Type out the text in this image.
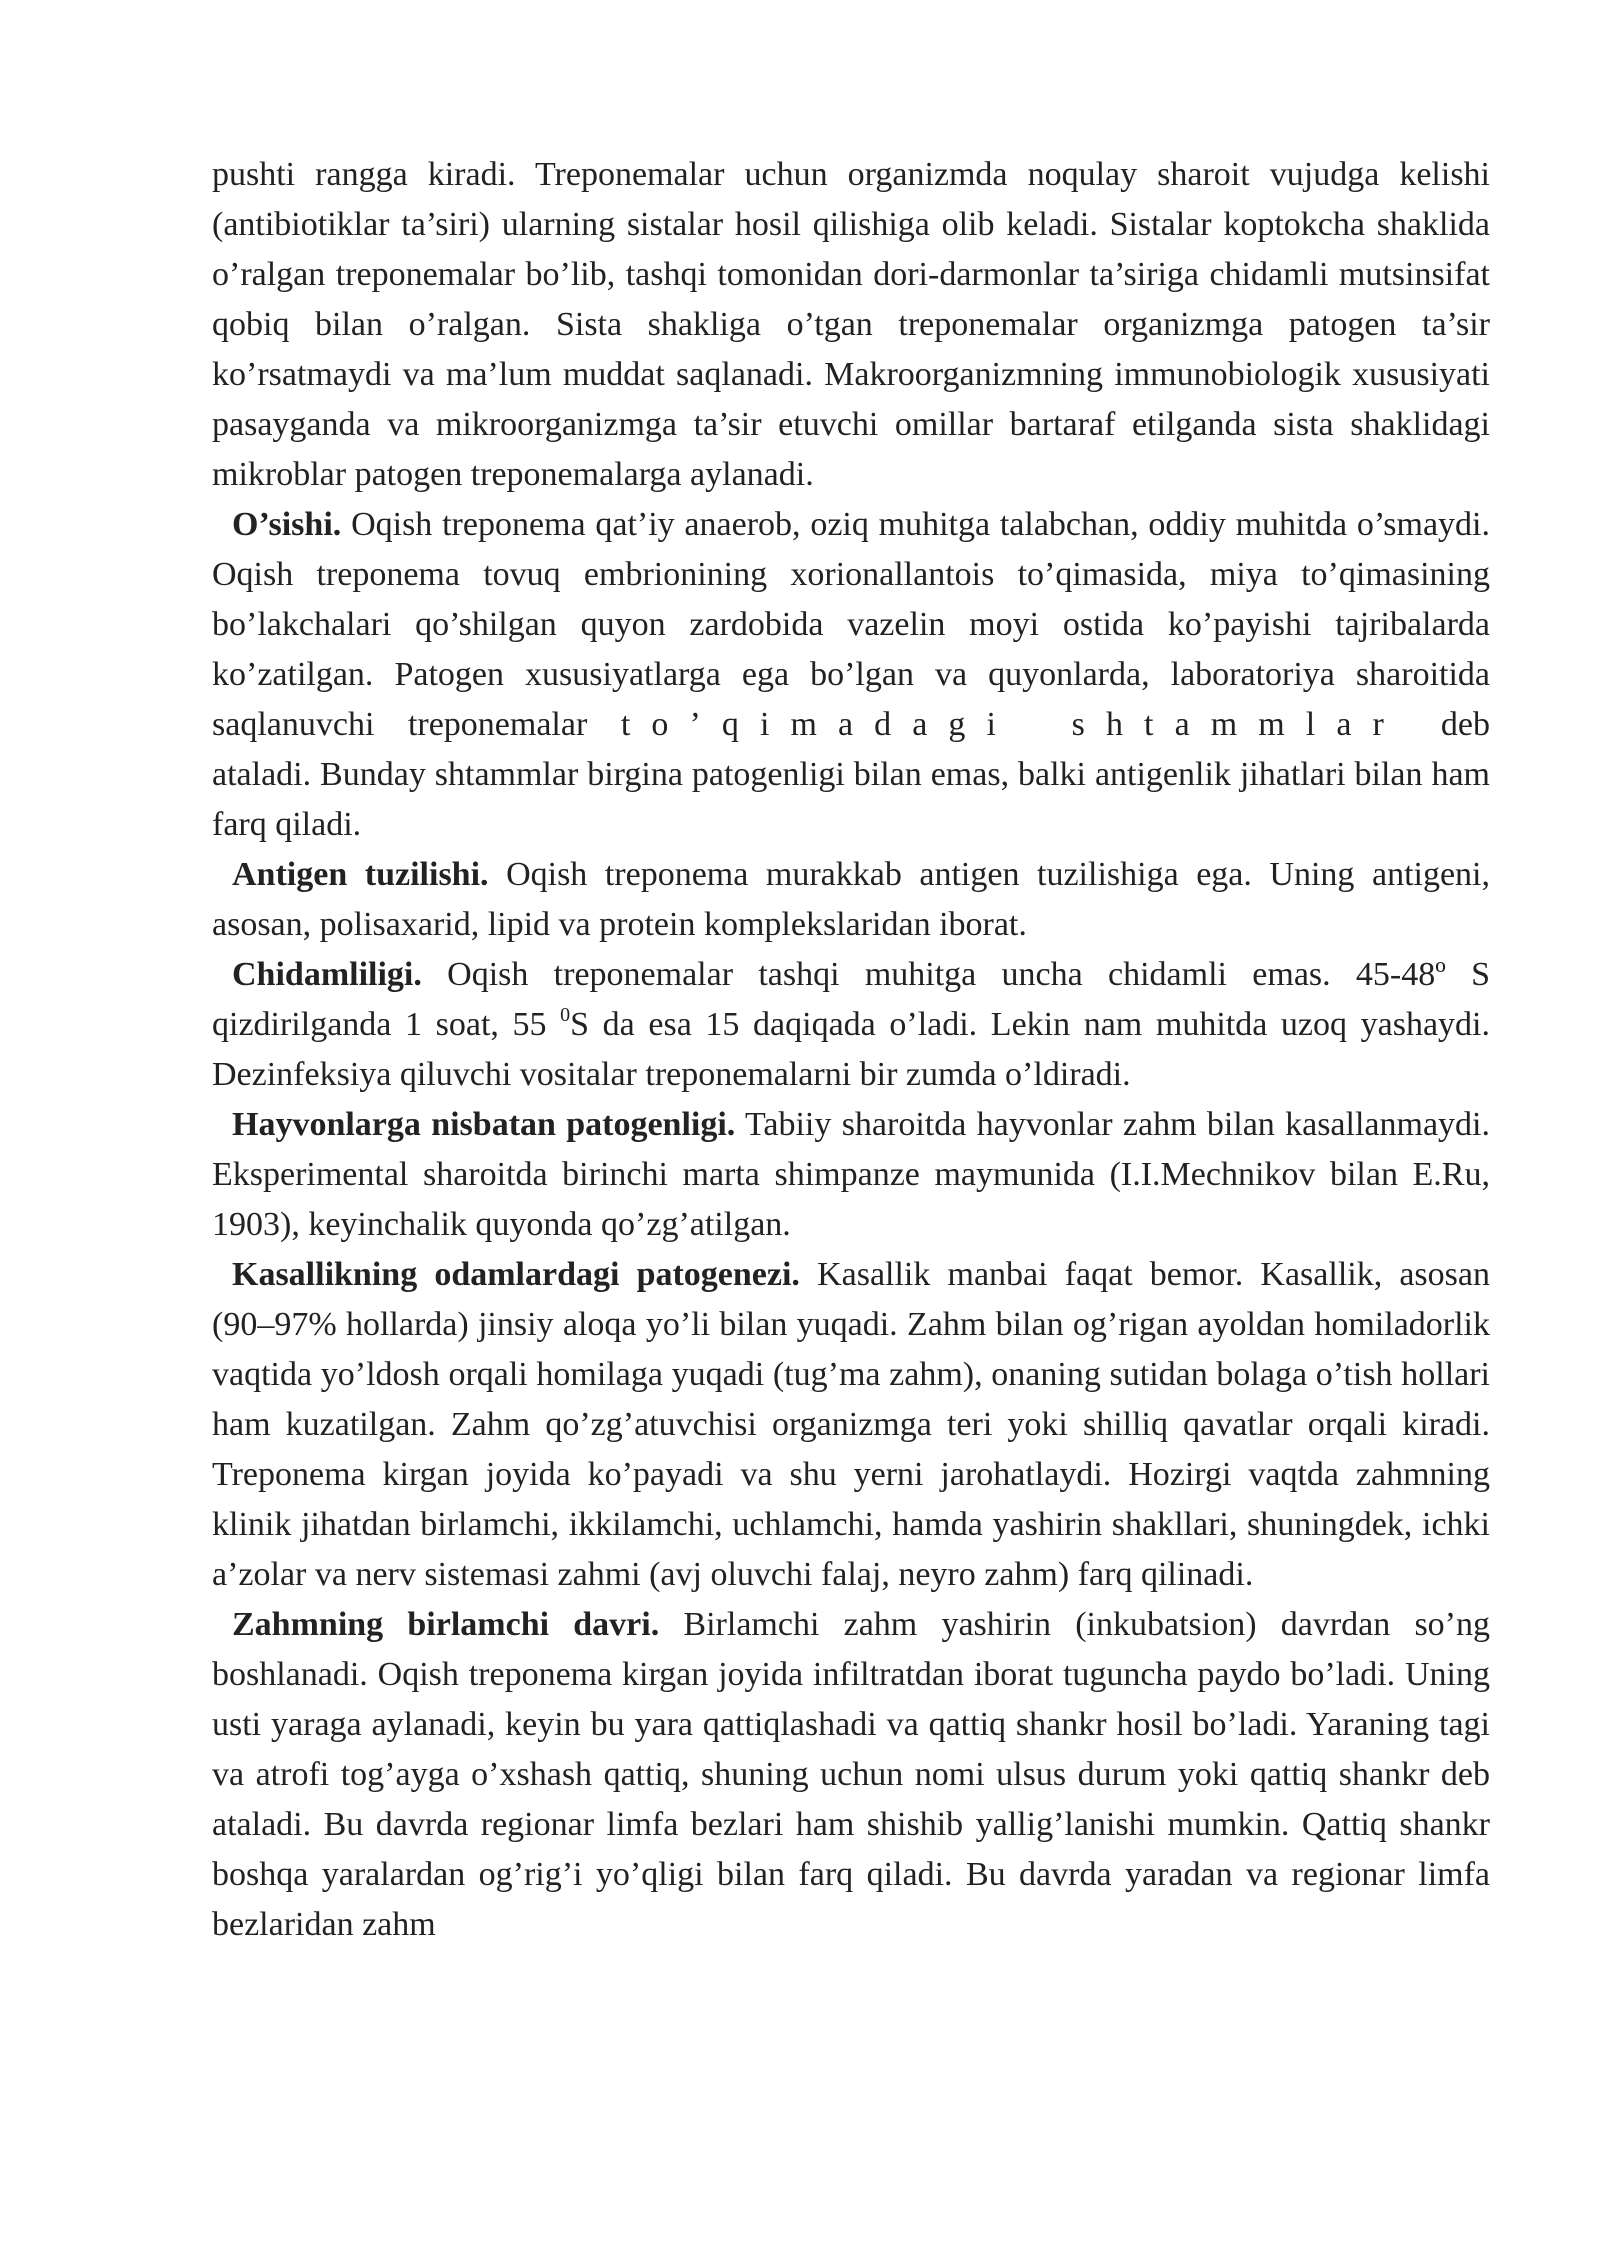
pushti rangga kiradi. Treponemalar uchun organizmda noqulay sharoit vujudga kelishi (antibiotiklar ta’siri) ularning sistalar hosil qilishiga olib keladi. Sistalar koptokcha shaklida o’ralgan treponemalar bo’lib, tashqi tomonidan dori-darmonlar ta’siriga chidamli mutsinsifat qobiq bilan o’ralgan. Sista shakliga o’tgan treponemalar organizmga patogen ta’sir ko’rsatmaydi va ma’lum muddat saqlanadi. Makroorganizmning immunobiologik xususiyati pasayganda va mikroorganizmga ta’sir etuvchi omillar bartaraf etilganda sista shaklidagi mikroblar patogen treponemalarga aylanadi.

O’sishi. Oqish treponema qat’iy anaerob, oziq muhitga talabchan, oddiy muhitda o’smaydi. Oqish treponema tovuq embrionining xorionallantois to’qimasida, miya to’qimasining bo’lakchalari qo’shilgan quyon zardobida vazelin moyi ostida ko’payishi tajribalarda ko’zatilgan. Patogen xususiyatlarga ega bo’lgan va quyonlarda, laboratoriya sharoitida saqlanuvchi treponemalar to’qimadagi shtammlar deb ataladi. Bunday shtammlar birgina patogenligi bilan emas, balki antigenlik jihatlari bilan ham farq qiladi.

Antigen tuzilishi. Oqish treponema murakkab antigen tuzilishiga ega. Uning antigeni, asosan, polisaxarid, lipid va protein komplekslaridan iborat.

Chidamliligi. Oqish treponemalar tashqi muhitga uncha chidamli emas. 45-48º S qizdirilganda 1 soat, 55 $^0$S da esa 15 daqiqada o’ladi. Lekin nam muhitda uzoq yashaydi. Dezinfeksiya qiluvchi vositalar treponemalarni bir zumda o’ldiradi.

Hayvonlarga nisbatan patogenligi. Tabiiy sharoitda hayvonlar zahm bilan kasallanmaydi. Eksperimental sharoitda birinchi marta shimpanze maymunida (I.I.Mechnikov bilan E.Ru, 1903), keyinchalik quyonda qo’zg’atilgan.

Kasallikning odamlardagi patogenezi. Kasallik manbai faqat bemor. Kasallik, asosan (90–97% hollarda) jinsiy aloqa yo’li bilan yuqadi. Zahm bilan og’rigan ayoldan homiladorlik vaqtida yo’ldosh orqali homilaga yuqadi (tug’ma zahm), onaning sutidan bolaga o’tish hollari ham kuzatilgan. Zahm qo’zg’atuvchisi organizmga teri yoki shilliq qavatlar orqali kiradi. Treponema kirgan joyida ko’payadi va shu yerni jarohatlaydi. Hozirgi vaqtda zahmning klinik jihatdan birlamchi, ikkilamchi, uchlamchi, hamda yashirin shakllari, shuningdek, ichki a’zolar va nerv sistemasi zahmi (avj oluvchi falaj, neyro zahm) farq qilinadi.

Zahmning birlamchi davri. Birlamchi zahm yashirin (inkubatsion) davrdan so’ng boshlanadi. Oqish treponema kirgan joyida infiltratdan iborat tuguncha paydo bo’ladi. Uning usti yaraga aylanadi, keyin bu yara qattiqlashadi va qattiq shankr hosil bo’ladi. Yaraning tagi va atrofi tog’ayga o’xshash qattiq, shuning uchun nomi ulsus durum yoki qattiq shankr deb ataladi. Bu davrda regionar limfa bezlari ham shishib yallig’lanishi mumkin. Qattiq shankr boshqa yaralardan og’rig’i yo’qligi bilan farq qiladi. Bu davrda yaradan va regionar limfa bezlaridan zahm
